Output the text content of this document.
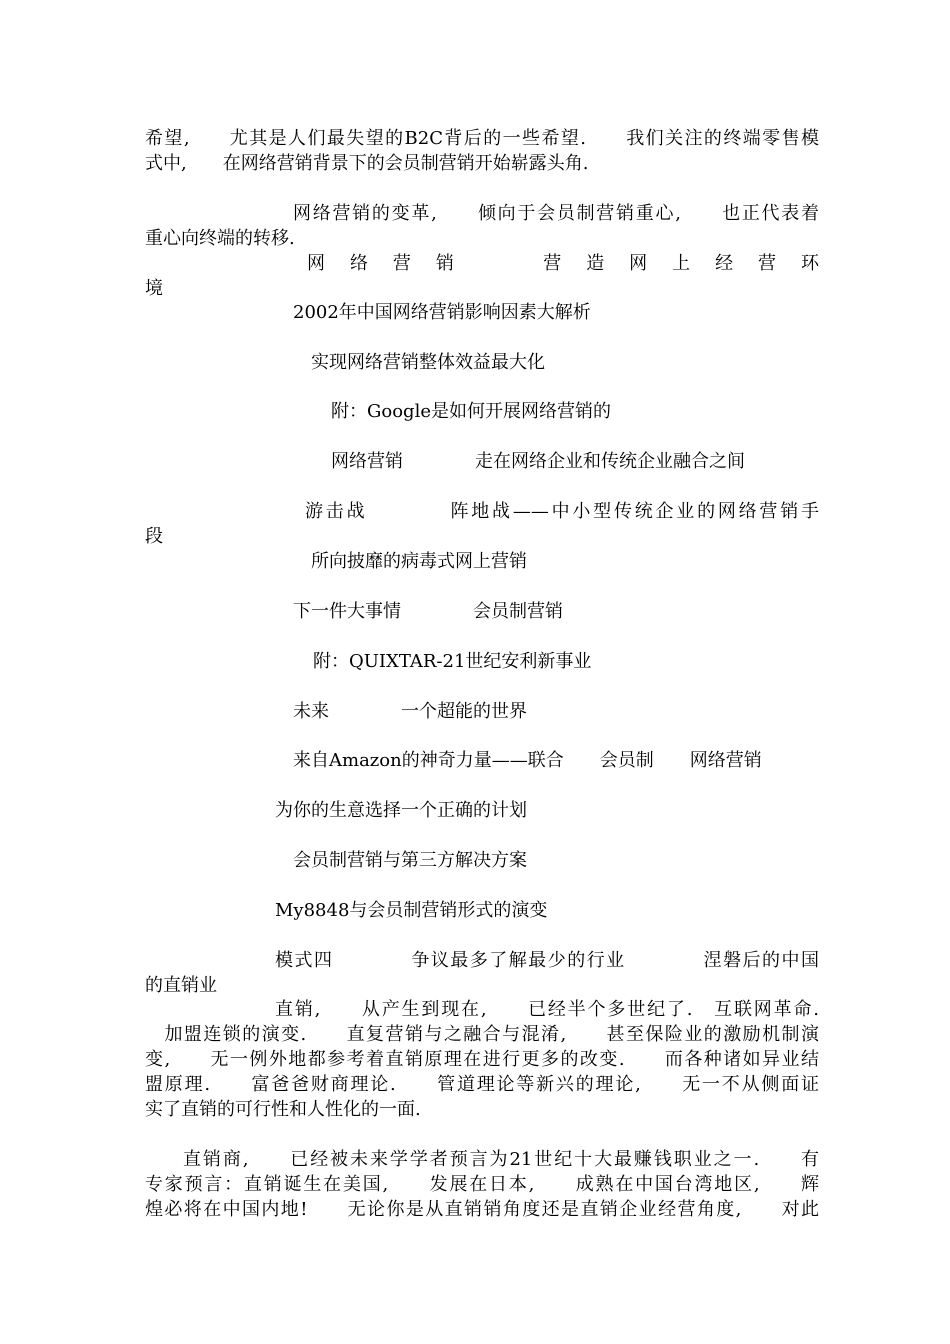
希望,　　尤其是人们最失望的B2C背后的一些希望.　　我们关注的终端零售模
式中,　　在网络营销背景下的会员制营销开始崭露头角.
网络营销的变革,　　倾向于会员制营销重心,　　也正代表着
重心向终端的转移.
网　络　营　销　　　　营　造　网　上　经　营　环
境
2002年中国网络营销影响因素大解析
实现网络营销整体效益最大化
附：Google是如何开展网络营销的
网络营销　　　　走在网络企业和传统企业融合之间
游击战　　　　阵地战——中小型传统企业的网络营销手
段
所向披靡的病毒式网上营销
下一件大事情　　　　会员制营销
附：QUIXTAR-21世纪安利新事业
未来　　　　一个超能的世界
来自Amazon的神奇力量——联合　　会员制　　网络营销
为你的生意选择一个正确的计划
会员制营销与第三方解决方案
My8848与会员制营销形式的演变
模式四　　　　争议最多了解最少的行业　　　　涅磐后的中国
的直销业
直销,　　从产生到现在,　　已经半个多世纪了.　互联网革命.
　加盟连锁的演变.　　直复营销与之融合与混淆,　　甚至保险业的激励机制演
变,　　无一例外地都参考着直销原理在进行更多的改变.　　而各种诸如异业结
盟原理.　　富爸爸财商理论.　　管道理论等新兴的理论,　　无一不从侧面证
实了直销的可行性和人性化的一面.
直销商,　　已经被未来学学者预言为21世纪十大最赚钱职业之一.　　有
专家预言：直销诞生在美国,　　发展在日本,　　成熟在中国台湾地区,　　辉
煌必将在中国内地!　　无论你是从直销销角度还是直销企业经营角度,　　对此
